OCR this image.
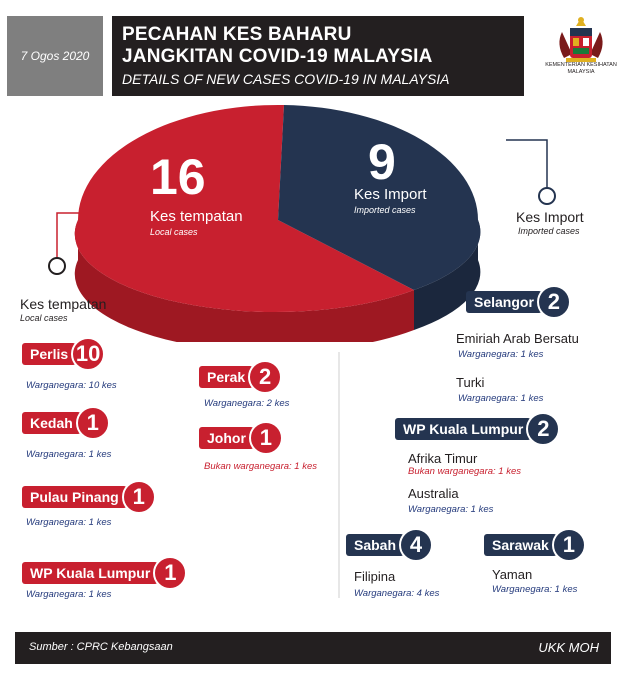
7 Ogos 2020
PECAHAN KES BAHARU
JANGKITAN COVID-19 MALAYSIA
DETAILS OF NEW CASES COVID-19 IN MALAYSIA
KEMENTERIAN KESIHATAN MALAYSIA
16
Kes tempatan
Local cases
9
Kes Import
Imported cases
Kes tempatan
Local cases
Kes Import
Imported cases
Perlis 10
Warganegara: 10 kes
Kedah 1
Warganegara: 1 kes
Pulau Pinang 1
Warganegara: 1 kes
WP Kuala Lumpur 1
Warganegara: 1 kes
Perak 2
Warganegara: 2 kes
Johor 1
Bukan warganegara: 1 kes
Selangor 2
Emiriah Arab Bersatu
Warganegara: 1 kes
Turki
Warganegara: 1 kes
WP Kuala Lumpur 2
Afrika Timur
Bukan warganegara: 1 kes
Australia
Warganegara: 1 kes
Sabah 4
Filipina
Warganegara: 4 kes
Sarawak 1
Yaman
Warganegara: 1 kes
Sumber : CPRC Kebangsaan	UKK MOH
